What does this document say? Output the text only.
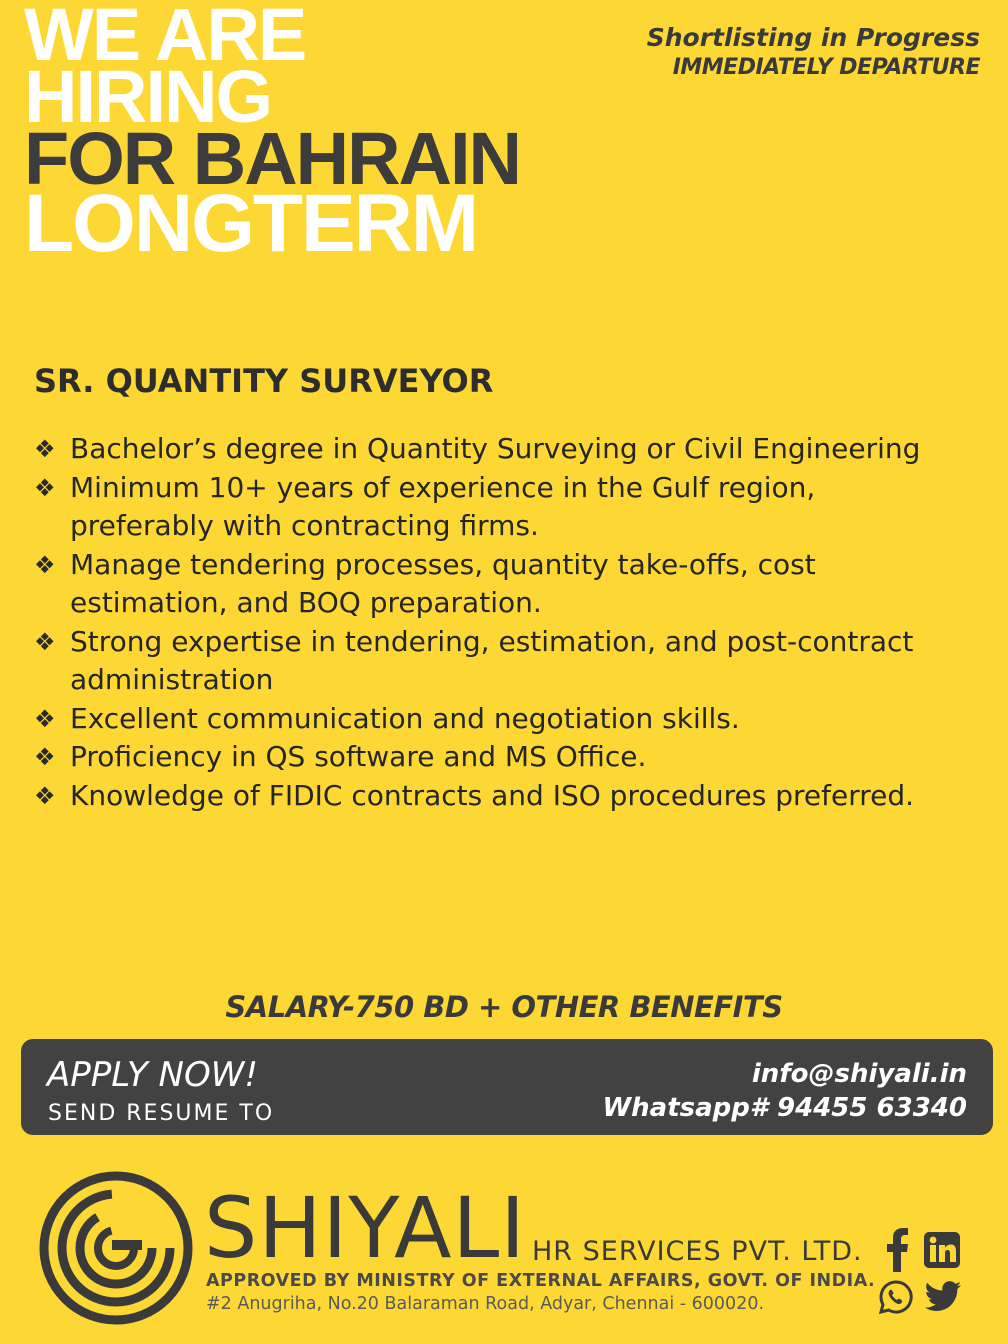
WE ARE
HIRING
FOR BAHRAIN
LONGTERM
Shortlisting in Progress
IMMEDIATELY DEPARTURE
SR. QUANTITY SURVEYOR
❖ Bachelor’s degree in Quantity Surveying or Civil Engineering
❖ Minimum 10+ years of experience in the Gulf region, preferably with contracting firms.
❖ Manage tendering processes, quantity take-offs, cost estimation, and BOQ preparation.
❖ Strong expertise in tendering, estimation, and post-contract administration
❖ Excellent communication and negotiation skills.
❖ Proficiency in QS software and MS Office.
❖ Knowledge of FIDIC contracts and ISO procedures preferred.
SALARY-750 BD + OTHER BENEFITS
APPLY NOW!
SEND RESUME TO
info@shiyali.in
Whatsapp# 94455 63340
SHIYALI HR SERVICES PVT. LTD.
APPROVED BY MINISTRY OF EXTERNAL AFFAIRS, GOVT. OF INDIA.
#2 Anugriha, No.20 Balaraman Road, Adyar, Chennai - 600020.
